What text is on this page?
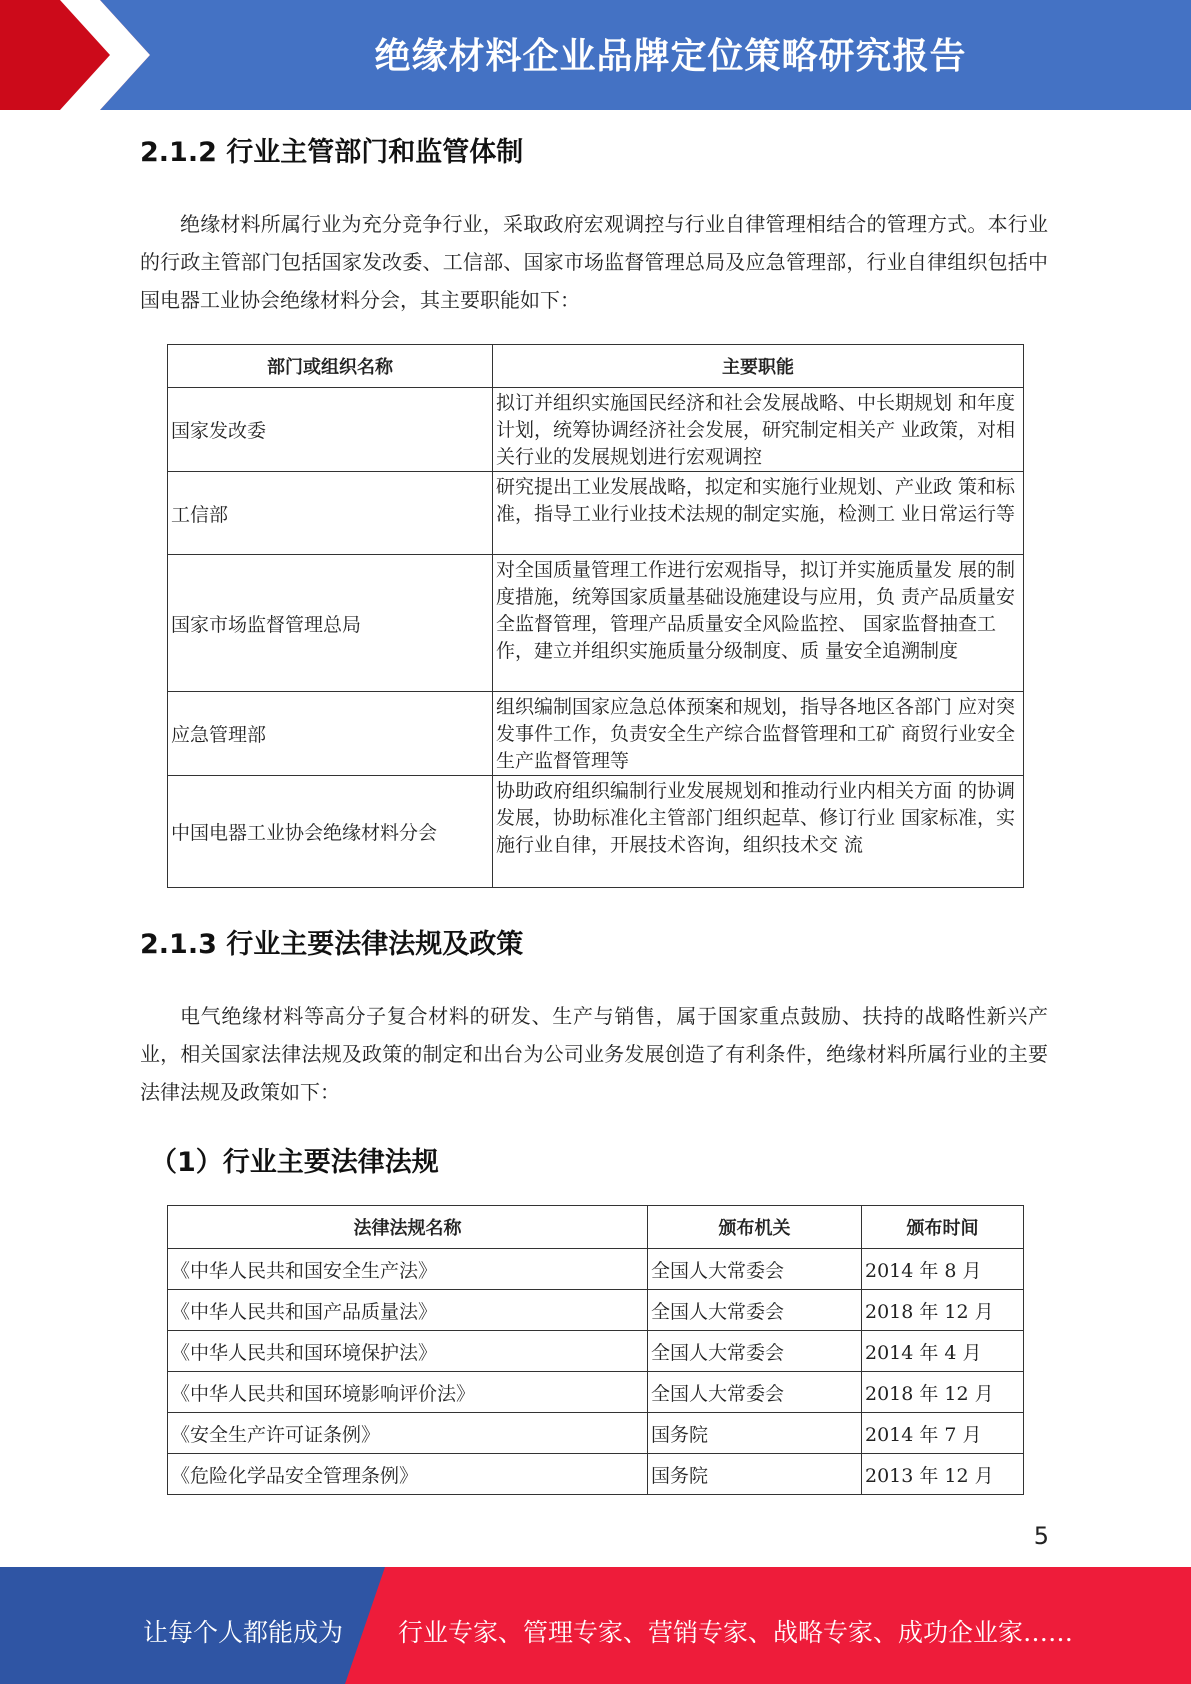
绝缘材料企业品牌定位策略研究报告
2.1.2 行业主管部门和监管体制
绝缘材料所属行业为充分竞争行业，采取政府宏观调控与行业自律管理相结合的管理方式。本行业的行政主管部门包括国家发改委、工信部、国家市场监督管理总局及应急管理部，行业自律组织包括中国电器工业协会绝缘材料分会，其主要职能如下：
部门或组织名称	主要职能
国家发改委	拟订并组织实施国民经济和社会发展战略、中长期规划 和年度计划，统筹协调经济社会发展，研究制定相关产 业政策，对相关行业的发展规划进行宏观调控
工信部	研究提出工业发展战略，拟定和实施行业规划、产业政 策和标准，指导工业行业技术法规的制定实施，检测工 业日常运行等
国家市场监督管理总局	对全国质量管理工作进行宏观指导，拟订并实施质量发 展的制度措施，统筹国家质量基础设施建设与应用，负 责产品质量安全监督管理，管理产品质量安全风险监控、 国家监督抽查工作，建立并组织实施质量分级制度、质 量安全追溯制度
应急管理部	组织编制国家应急总体预案和规划，指导各地区各部门 应对突发事件工作，负责安全生产综合监督管理和工矿 商贸行业安全生产监督管理等
中国电器工业协会绝缘材料分会	协助政府组织编制行业发展规划和推动行业内相关方面 的协调发展，协助标准化主管部门组织起草、修订行业 国家标准，实施行业自律，开展技术咨询，组织技术交 流
2.1.3 行业主要法律法规及政策
电气绝缘材料等高分子复合材料的研发、生产与销售，属于国家重点鼓励、扶持的战略性新兴产业，相关国家法律法规及政策的制定和出台为公司业务发展创造了有利条件，绝缘材料所属行业的主要法律法规及政策如下：
（1）行业主要法律法规
法律法规名称	颁布机关	颁布时间
《中华人民共和国安全生产法》	全国人大常委会	2014 年 8 月
《中华人民共和国产品质量法》	全国人大常委会	2018 年 12 月
《中华人民共和国环境保护法》	全国人大常委会	2014 年 4 月
《中华人民共和国环境影响评价法》	全国人大常委会	2018 年 12 月
《安全生产许可证条例》	国务院	2014 年 7 月
《危险化学品安全管理条例》	国务院	2013 年 12 月
5
让每个人都能成为 行业专家、管理专家、营销专家、战略专家、成功企业家……
